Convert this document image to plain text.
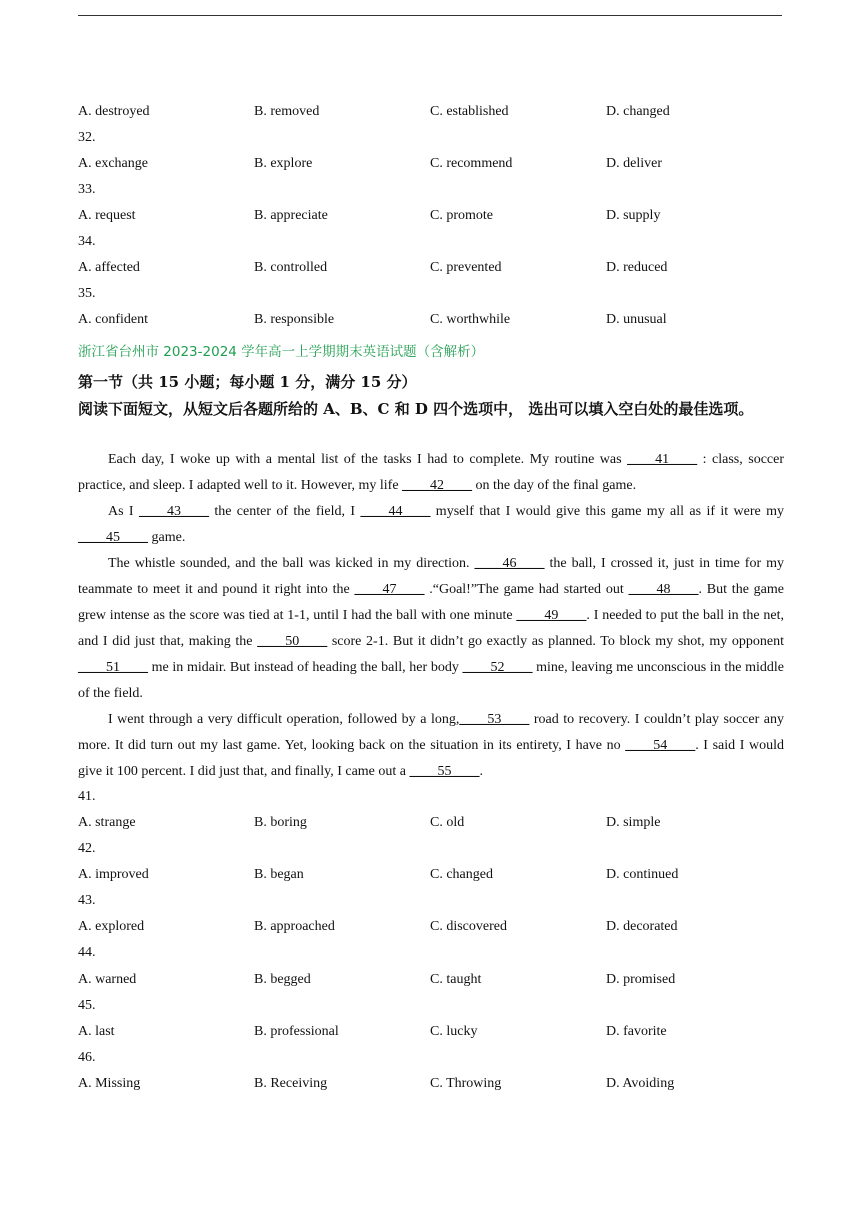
A. destroyed	B. removed	C. established	D. changed
32.
A. exchange	B. explore	C. recommend	D. deliver
33.
A. request	B. appreciate	C. promote	D. supply
34.
A. affected	B. controlled	C. prevented	D. reduced
35.
A. confident	B. responsible	C. worthwhile	D. unusual
浙江省台州市 2023-2024 学年高一上学期期末英语试题（含解析）
第一节（共 15 小题；每小题 1 分，满分 15 分）
阅读下面短文，从短文后各题所给的 A、B、C 和 D 四个选项中， 选出可以填入空白处的最佳选项。

Each day, I woke up with a mental list of the tasks I had to complete. My routine was ____41____ : class, soccer practice, and sleep. I adapted well to it. However, my life ____42____ on the day of the final game.

As I ____43____ the center of the field, I ____44____ myself that I would give this game my all as if it were my ____45____ game.

The whistle sounded, and the ball was kicked in my direction. ____46____ the ball, I crossed it, just in time for my teammate to meet it and pound it right into the ____47____ .“Goal!”The game had started out ____48____. But the game grew intense as the score was tied at 1-1, until I had the ball with one minute ____49____. I needed to put the ball in the net, and I did just that, making the ____50____ score 2-1. But it didn’t go exactly as planned. To block my shot, my opponent ____51____ me in midair. But instead of heading the ball, her body ____52____ mine, leaving me unconscious in the middle of the field.

I went through a very difficult operation, followed by a long,____53____ road to recovery. I couldn’t play soccer any more. It did turn out my last game. Yet, looking back on the situation in its entirety, I have no ____54____. I said I would give it 100 percent. I did just that, and finally, I came out a ____55____.

41.
A. strange	B. boring	C. old	D. simple
42.
A. improved	B. began	C. changed	D. continued
43.
A. explored	B. approached	C. discovered	D. decorated
44.
A. warned	B. begged	C. taught	D. promised
45.
A. last	B. professional	C. lucky	D. favorite
46.
A. Missing	B. Receiving	C. Throwing	D. Avoiding
